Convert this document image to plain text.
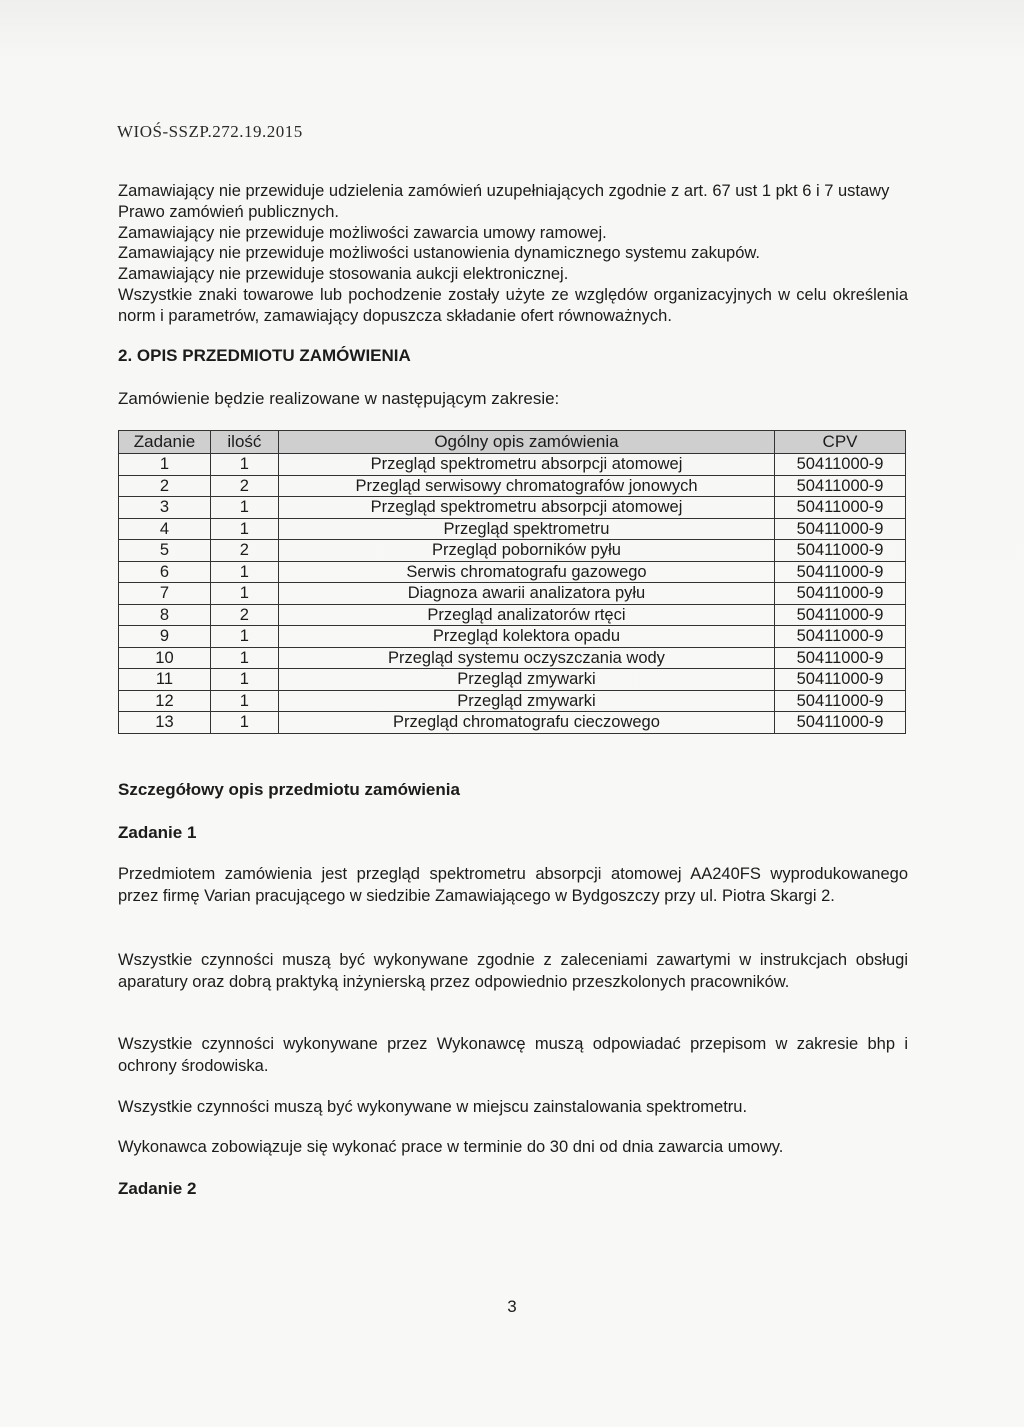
WIOŚ-SSZP.272.19.2015

Zamawiający nie przewiduje udzielenia zamówień uzupełniających zgodnie z art. 67 ust 1 pkt 6 i 7 ustawy Prawo zamówień publicznych.

Zamawiający nie przewiduje możliwości zawarcia umowy ramowej.

Zamawiający nie przewiduje możliwości ustanowienia dynamicznego systemu zakupów.

Zamawiający nie przewiduje stosowania aukcji elektronicznej.

Wszystkie znaki towarowe lub pochodzenie zostały użyte ze względów organizacyjnych w celu określenia norm i parametrów, zamawiający dopuszcza składanie ofert równoważnych.

2. OPIS PRZEDMIOTU ZAMÓWIENIA
Zamówienie będzie realizowane w następującym zakresie:
Zadanie	ilość	Ogólny opis zamówienia	CPV
1	1	Przegląd spektrometru absorpcji atomowej	50411000-9
2	2	Przegląd serwisowy chromatografów jonowych	50411000-9
3	1	Przegląd spektrometru absorpcji atomowej	50411000-9
4	1	Przegląd spektrometru	50411000-9
5	2	Przegląd poborników pyłu	50411000-9
6	1	Serwis chromatografu gazowego	50411000-9
7	1	Diagnoza awarii analizatora pyłu	50411000-9
8	2	Przegląd analizatorów rtęci	50411000-9
9	1	Przegląd kolektora opadu	50411000-9
10	1	Przegląd systemu oczyszczania wody	50411000-9
11	1	Przegląd zmywarki	50411000-9
12	1	Przegląd zmywarki	50411000-9
13	1	Przegląd chromatografu cieczowego	50411000-9
Szczegółowy opis przedmiotu zamówienia
Zadanie 1
Przedmiotem zamówienia jest przegląd spektrometru absorpcji atomowej AA240FS wyprodukowanego przez firmę Varian pracującego w siedzibie Zamawiającego w Bydgoszczy przy ul. Piotra Skargi 2.
Wszystkie czynności muszą być wykonywane zgodnie z zaleceniami zawartymi w instrukcjach obsługi aparatury oraz dobrą praktyką inżynierską przez odpowiednio przeszkolonych pracowników.
Wszystkie czynności wykonywane przez Wykonawcę muszą odpowiadać przepisom w zakresie bhp i ochrony środowiska.
Wszystkie czynności muszą być wykonywane w miejscu zainstalowania spektrometru.
Wykonawca zobowiązuje się wykonać prace w terminie do 30 dni od dnia zawarcia umowy.
Zadanie 2
3
